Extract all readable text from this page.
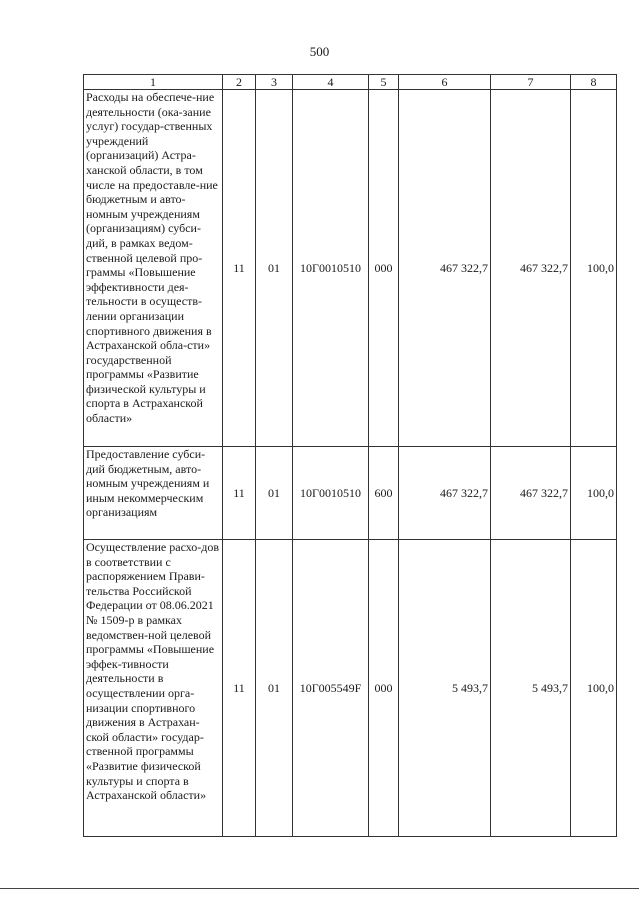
500
1	2	3	4	5	6	7	8
Расходы на обеспече-ние деятельности (ока-зание услуг) государ-ственных учреждений (организаций) Астра-ханской области, в том числе на предоставле-ние бюджетным и авто-номным учреждениям (организациям) субси-дий, в рамках ведом-ственной целевой про-граммы «Повышение эффективности дея-тельности в осуществ-лении организации спортивного движения в Астраханской обла-сти» государственной программы «Развитие физической культуры и спорта в Астраханской области»	11	01	10Г0010510	000	467 322,7	467 322,7	100,0
Предоставление субси-дий бюджетным, авто-номным учреждениям и иным некоммерческим организациям	11	01	10Г0010510	600	467 322,7	467 322,7	100,0
Осуществление расхо-дов в соответствии с распоряжением Прави-тельства Российской Федерации от 08.06.2021 № 1509-р в рамках ведомствен-ной целевой программы «Повышение эффек-тивности деятельности в осуществлении орга-низации спортивного движения в Астрахан-ской области» государ-ственной программы «Развитие физической культуры и спорта в Астраханской области»	11	01	10Г005549F	000	5 493,7	5 493,7	100,0
